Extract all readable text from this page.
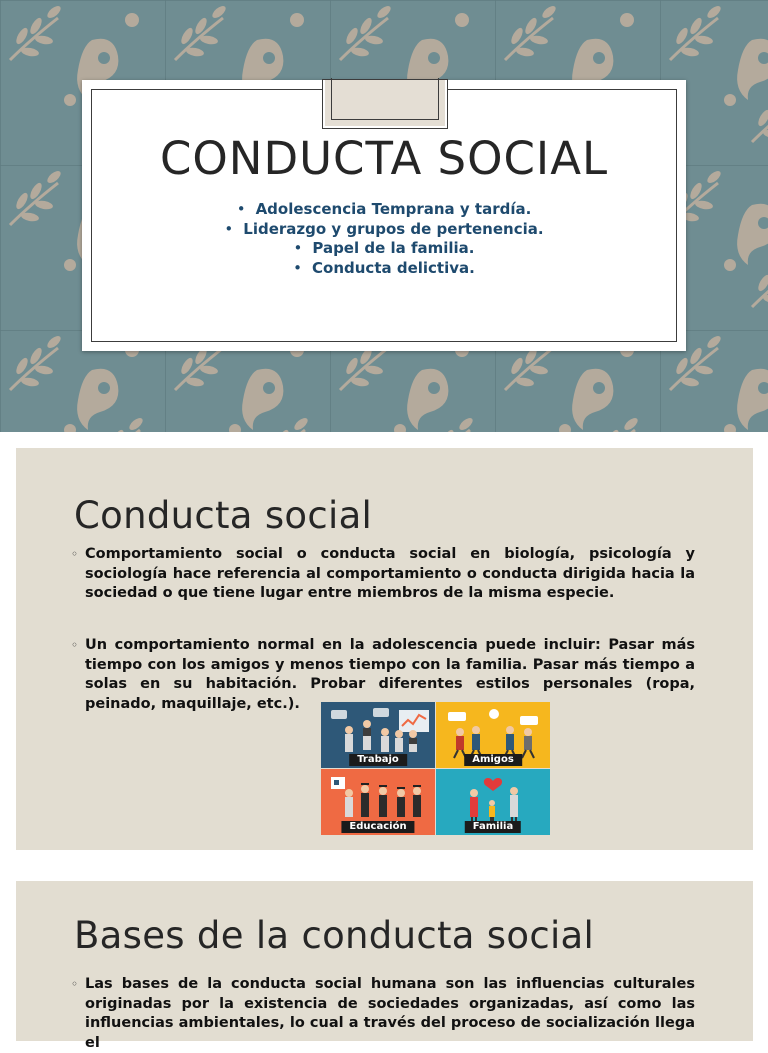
CONDUCTA SOCIAL
• Adolescencia Temprana y tardía.
• Liderazgo y grupos de pertenencia.
• Papel de la familia.
• Conducta delictiva.
Conducta social
◦ Comportamiento social o conducta social en biología, psicología y sociología hace referencia al comportamiento o conducta dirigida hacia la sociedad o que tiene lugar entre miembros de la misma especie.
◦ Un comportamiento normal en la adolescencia puede incluir: Pasar más tiempo con los amigos y menos tiempo con la familia. Pasar más tiempo a solas en su habitación. Probar diferentes estilos personales (ropa, peinado, maquillaje, etc.).
Trabajo	Amigos
Educación	Familia
Bases de la conducta social
◦ Las bases de la conducta social humana son las influencias culturales originadas por la existencia de sociedades organizadas, así como las influencias ambientales, lo cual a través del proceso de socialización llega el
